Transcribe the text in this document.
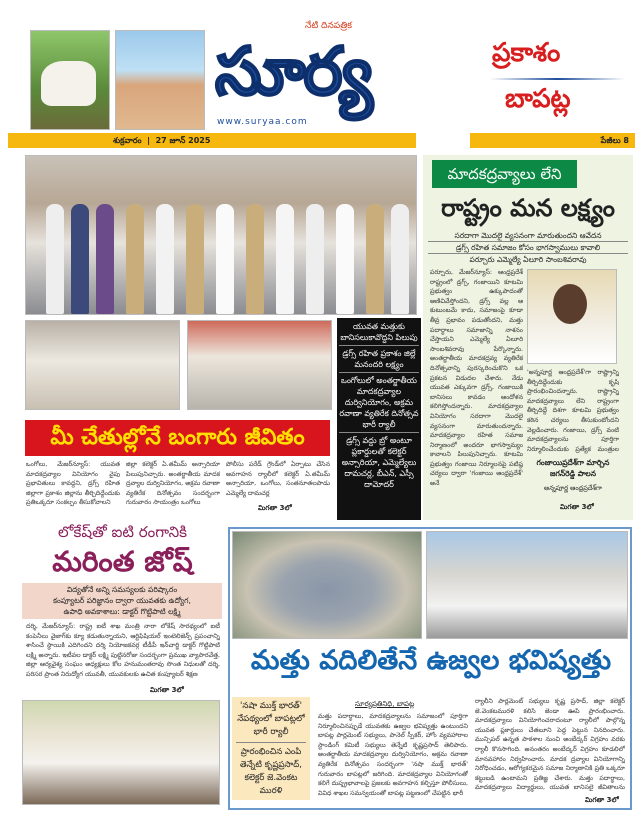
నేటి దినపత్రిక
సూర్య
www.suryaa.com
ప్రకాశం
బాపట్ల
శుక్రవారం  |  27 జూన్ 2025	పేజీలు 8
మాదకద్రవ్యాలు లేని
రాష్ట్రం మన లక్ష్యం
సరదాగా మొదలై వ్యసనంగా మారుతుందని ఆవేదన
డ్రగ్స్ రహిత సమాజం కోసం భాగస్వాములు కావాలి
పర్చూరు ఎమ్మెల్యే ఏలూరి సాంబశివరావు
పర్చూరు, మేజర్‌న్యూస్: ఆంధ్రప్రదేశ్ రాష్ట్రంలో డ్రగ్స్, గంజాయిని కూటమి ప్రభుత్వం ఉక్కుపాదంతో అణిచివేస్తోందని, డ్రగ్స్ వల్ల ఆ కుటుంబమే కాదు, సమాజంపై కూడా తీవ్ర ప్రభావం పడుతోందని, మత్తు పదార్థాలు సమాజాన్ని నాశనం చేస్తాయని ఎమ్మెల్యే ఏలూరి సాంబశివరావు పేర్కొన్నారు. అంతర్జాతీయ మాదకద్రవ్య వ్యతిరేక దినోత్సవాన్ని పురస్కరించుకొని ఒక ప్రకటన విడుదల చేశారు. నేడు యువత ఎక్కువగా డ్రగ్స్, గంజాయికి బానిసలు కావడం ఆందోళన కలిగిస్తోందన్నారు. మాదకద్రవ్యాల వినియోగం సరదాగా మొదలై వ్యసనంగా మారుతుందన్నారు. మాదకద్రవ్యాల రహిత సమాజ నిర్మాణంలో అందరూ భాగస్వామ్యం కావాలని పిలుపునిచ్చారు. కూటమి ప్రభుత్వం గంజాయి నిర్మూలనపై పటిష్ఠ చర్యలు ద్వారా 'గంజాయి ఆంధ్రప్రదేశ్' అనే
'అన్నపూర్ణ ఆంధ్రప్రదేశ్'గా రాష్ట్రాన్ని తీర్చిదిద్దేందుకు కృషి ప్రారంభించిందన్నారు. రాష్ట్రాన్ని మాదకద్రవ్యాలు లేని రాష్ట్రంగా తీర్చిదిద్దే దిశగా కూటమి ప్రభుత్వం కఠిన చర్యలు తీసుకుంటోందని వెల్లడించారు. గంజాయి, డ్రగ్స్ వంటి మాదకద్రవ్యాలను పూర్తిగా నిర్మూలించేందుకు ప్రత్యేక మంత్రుల
గంజాయిప్రదేశ్‌గా మార్చిన జగన్‌రెడ్డి పాలన
అన్నపూర్ణ ఆంధ్రప్రదేశ్‌గా
మిగతా 3లో
యువత మత్తుకు బానిసలుకావొద్దని పిలుపు
డ్రగ్స్ రహిత ప్రకాశం జిల్లే మనందరి లక్ష్యం
ఒంగోలులో అంతర్జాతీయ మాదకద్రవ్యాల దుర్వినియోగం, అక్రమ రవాణా వ్యతిరేక దినోత్సవ భారీ ర్యాలీ
డ్రగ్స్ వద్దు బ్రో అంటూ ప్లకార్డులతో కలెక్టర్ అన్సారియా, ఎమ్మెల్యేలు దామచర్ల, బీఎన్, ఎస్సీ దామోదర్
మీ చేతుల్లోనే బంగారు జీవితం
ఒంగోలు, మేజర్‌న్యూస్: యువత మాదకద్రవ్యాల వినియోగం వైపు ప్రభావితులు కావద్దని, డ్రగ్స్ రహిత జిల్లాగా ప్రకాశం జిల్లాను తీర్చిదిద్దేందుకు ప్రతిఒక్కరూ సంకల్పం తీసుకోవాలని
జిల్లా కలెక్టర్ ఏ.తమీమ్ అన్సారియా పిలుపునిచ్చారు. అంతర్జాతీయ మాదక ద్రవ్యాల దుర్వినియోగం, అక్రమ రవాణా వ్యతిరేక దినోత్సవం సందర్భంగా గురువారం సాయంత్రం ఒంగోలు
పోలీసు పరేడ్ గ్రౌండ్‌లో ఏర్పాటు చేసిన అవగాహన ర్యాలీలో కలెక్టర్ ఏ.తమీమ్ అన్సారియా, ఒంగోలు, సంతనూతలపాడు ఎమ్మెల్యే దామచర్ల
మిగతా 3లో
లోకేష్‌తో ఐటి రంగానికి
మరింత జోష్
విద్యతోనే అన్ని సమస్యలకు పరిష్కారం
కంప్యూటర్ పరిజ్ఞానం ద్వారా యువతకు ఉద్యోగ,
ఉపాధి అవకాశాలు: డాక్టర్ గొట్టిపాటి లక్ష్మి
దర్శి, మేజర్‌న్యూస్: రాష్ట్ర ఐటీ శాఖ మంత్రి నారా లోకేష్ సారథ్యంలో ఐటీ కంపెనీలు వైజాగ్‌కు క్యూ కడుతున్నాయని, ఆర్టిఫిషియల్ ఇంటెలిజెన్స్ ప్రపంచాన్ని శాసించే స్థాయికి ఎదిగిందని దర్శి నియోజకవర్గ టీడీపీ ఇన్‌చార్జి డాక్టర్ గొట్టిపాటి లక్ష్మి అన్నారు. ఇటీవల డాక్టర్ లక్ష్మి పుట్టినరోజు సందర్భంగా ప్రముఖ వ్యాపారవేత్త, జిల్లా ఆర్యవైశ్య సంఘం అధ్యక్షులు కోల హనుమంతరావు సొంత నిధులతో దర్శి, పరిసర ప్రాంత నిరుద్యోగ యువతీ, యువకులకు ఉచిత కంప్యూటర్ శిక్షణ
మిగతా 3లో
మత్తు వదిలితేనే ఉజ్వల భవిష్యత్తు
'నషా ముక్త్ భారత్' నేపథ్యంలో బాపట్లలో భారీ ర్యాలీ
ప్రారంభించిన ఎంపి తెన్నేటి కృష్ణప్రసాద్, కలెక్టర్ జె.వెంకట మురళి
సూర్యప్రతినిధి, బాపట్ల
మత్తు పదార్థాలు, మాదకద్రవ్యాలను సమాజంలో పూర్తిగా నిర్మూలించినప్పుడే యువతకు ఉజ్వల భవిష్యత్తు ఉంటుందని బాపట్ల పార్లమెంట్ సభ్యులు, పానెల్ స్పీకర్, హోం వ్యవహారాల స్టాండింగ్ కమిటీ సభ్యులు తెన్నేటి కృష్ణప్రసాద్ తెలిపారు. అంతర్జాతీయ మాదకద్రవ్యాల దుర్వినియోగం, అక్రమ రవాణా వ్యతిరేక దినోత్సవం సందర్భంగా 'నషా ముక్త్ భారత్' గురువారం బాపట్లలో జరిగింది. మాదకద్రవ్యాల వినియోగంతో కలిగే దుష్ప్రభావాలపై ప్రజలకు అవగాహన కల్పిస్తూ పోలీసులు, వివిధ శాఖల సమన్వయంతో బాపట్ల పట్టణంలో చేపట్టిన భారీ
ర్యాలీని పార్లమెంట్ సభ్యులు కృష్ణ ప్రసాద్, జిల్లా కలెక్టర్ జె.వెంకటమురళి కలిసి జెండా ఊపి ప్రారంభించారు. మాదకద్రవ్యాలు వినియోగించరాదంటూ ర్యాలీలో పాల్గొన్న యువత ప్లకార్డులు చేతబూని పెద్ద పెట్టున నినదించారు. మున్సిపల్ ఉన్నత పాఠశాల నుంచి అంబేద్కర్ విగ్రహం వరకు ర్యాలీ కొనసాగింది. అనంతరం అంబేద్కర్ విగ్రహం కూడలిలో మానవహారం నిర్వహించారు. మాదక ద్రవ్యాల వినియోగాన్ని నిరోధించడం, ఆరోగ్యకరమైన సమాజ నిర్మాణానికి ప్రతి ఒక్కరూ కట్టుబడి ఉంటామని ప్రతిజ్ఞ చేశారు. మత్తు పదార్థాలు, మాదకద్రవ్యాలు విద్యార్థులు, యువత బానిసలై జీవితాలను
మిగతా 3లో
